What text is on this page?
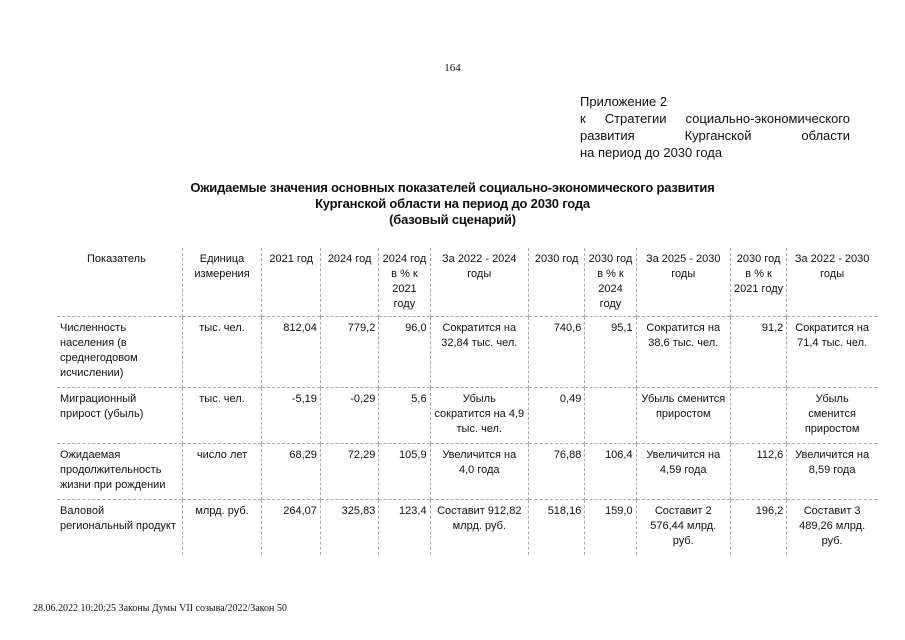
164
Приложение 2
к Стратегии социально-экономического
развития Курганской области
на период до 2030 года
Ожидаемые значения основных показателей социально-экономического развития
Курганской области на период до 2030 года
(базовый сценарий)
Показатель	Единица измерения	2021 год	2024 год	2024 год в % к 2021 году	За 2022 - 2024 годы	2030 год	2030 год в % к 2024 году	За 2025 - 2030 годы	2030 год в % к 2021 году	За 2022 - 2030 годы
Численность населения (в среднегодовом исчислении)	тыс. чел.	812,04	779,2	96,0	Сократится на 32,84 тыс. чел.	740,6	95,1	Сократится на 38,6 тыс. чел.	91,2	Сократится на 71,4 тыс. чел.
Миграционный прирост (убыль)	тыс. чел.	-5,19	-0,29	5,6	Убыль сократится на 4,9 тыс. чел.	0,49		Убыль сменится приростом		Убыль сменится приростом
Ожидаемая продолжительность жизни при рождении	число лет	68,29	72,29	105,9	Увеличится на 4,0 года	76,88	106,4	Увеличится на 4,59 года	112,6	Увеличится на 8,59 года
Валовой региональный продукт	млрд. руб.	264,07	325,83	123,4	Составит 912,82 млрд. руб.	518,16	159,0	Составит 2 576,44 млрд. руб.	196,2	Составит 3 489,26 млрд. руб.
28.06.2022 10:20:25 Законы Думы VII созыва/2022/Закон 50
